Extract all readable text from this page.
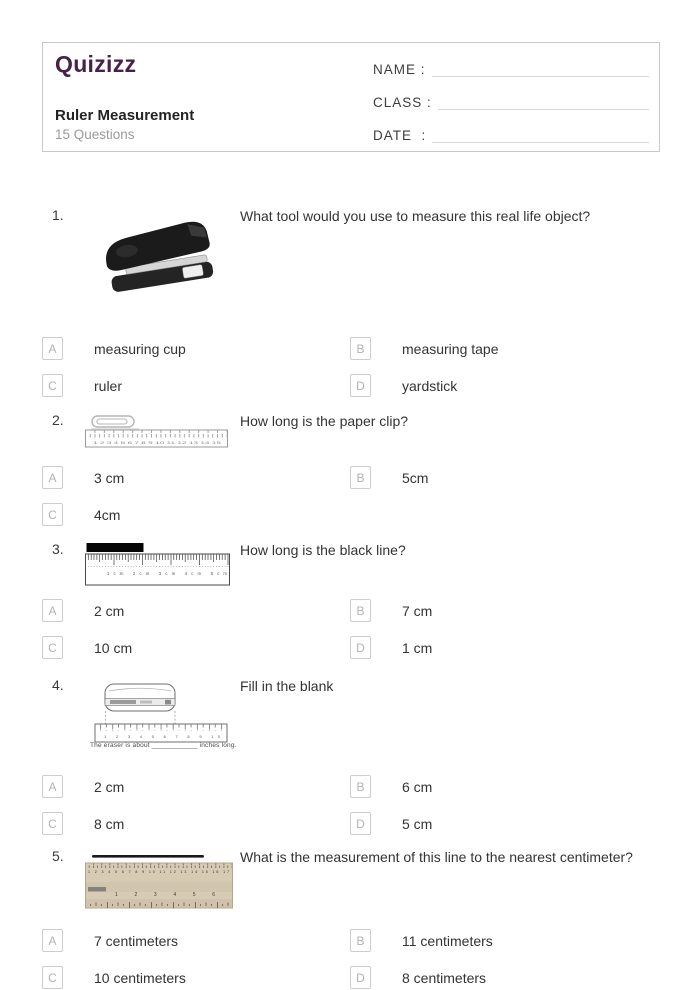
Quizizz
Ruler Measurement
15 Questions
NAME :
CLASS :
DATE  :
1.	What tool would you use to measure this real life object?
A	measuring cup	B	measuring tape
C	ruler	D	yardstick
2.
1 2 3 4 5 6 7 8 9 10 11 12 13 14 15
How long is the paper clip?
A	3 cm	B	5cm
C	4cm
3.
1cm 2cm 3cm 4cm 5cm
How long is the black line?
A	2 cm	B	7 cm
C	10 cm	D	1 cm
4.
1 2 3 4 5 6 7 8 9 10
The eraser is about ____________ inches long.
Fill in the blank
A	2 cm	B	6 cm
C	8 cm	D	5 cm
5.
1 2 3 4 5 6 7 8 9 10 11 12 13 14 15 16 17
1 2 3 4 5 6
What is the measurement of this line to the nearest centimeter?
A	7 centimeters	B	11 centimeters
C	10 centimeters	D	8 centimeters
